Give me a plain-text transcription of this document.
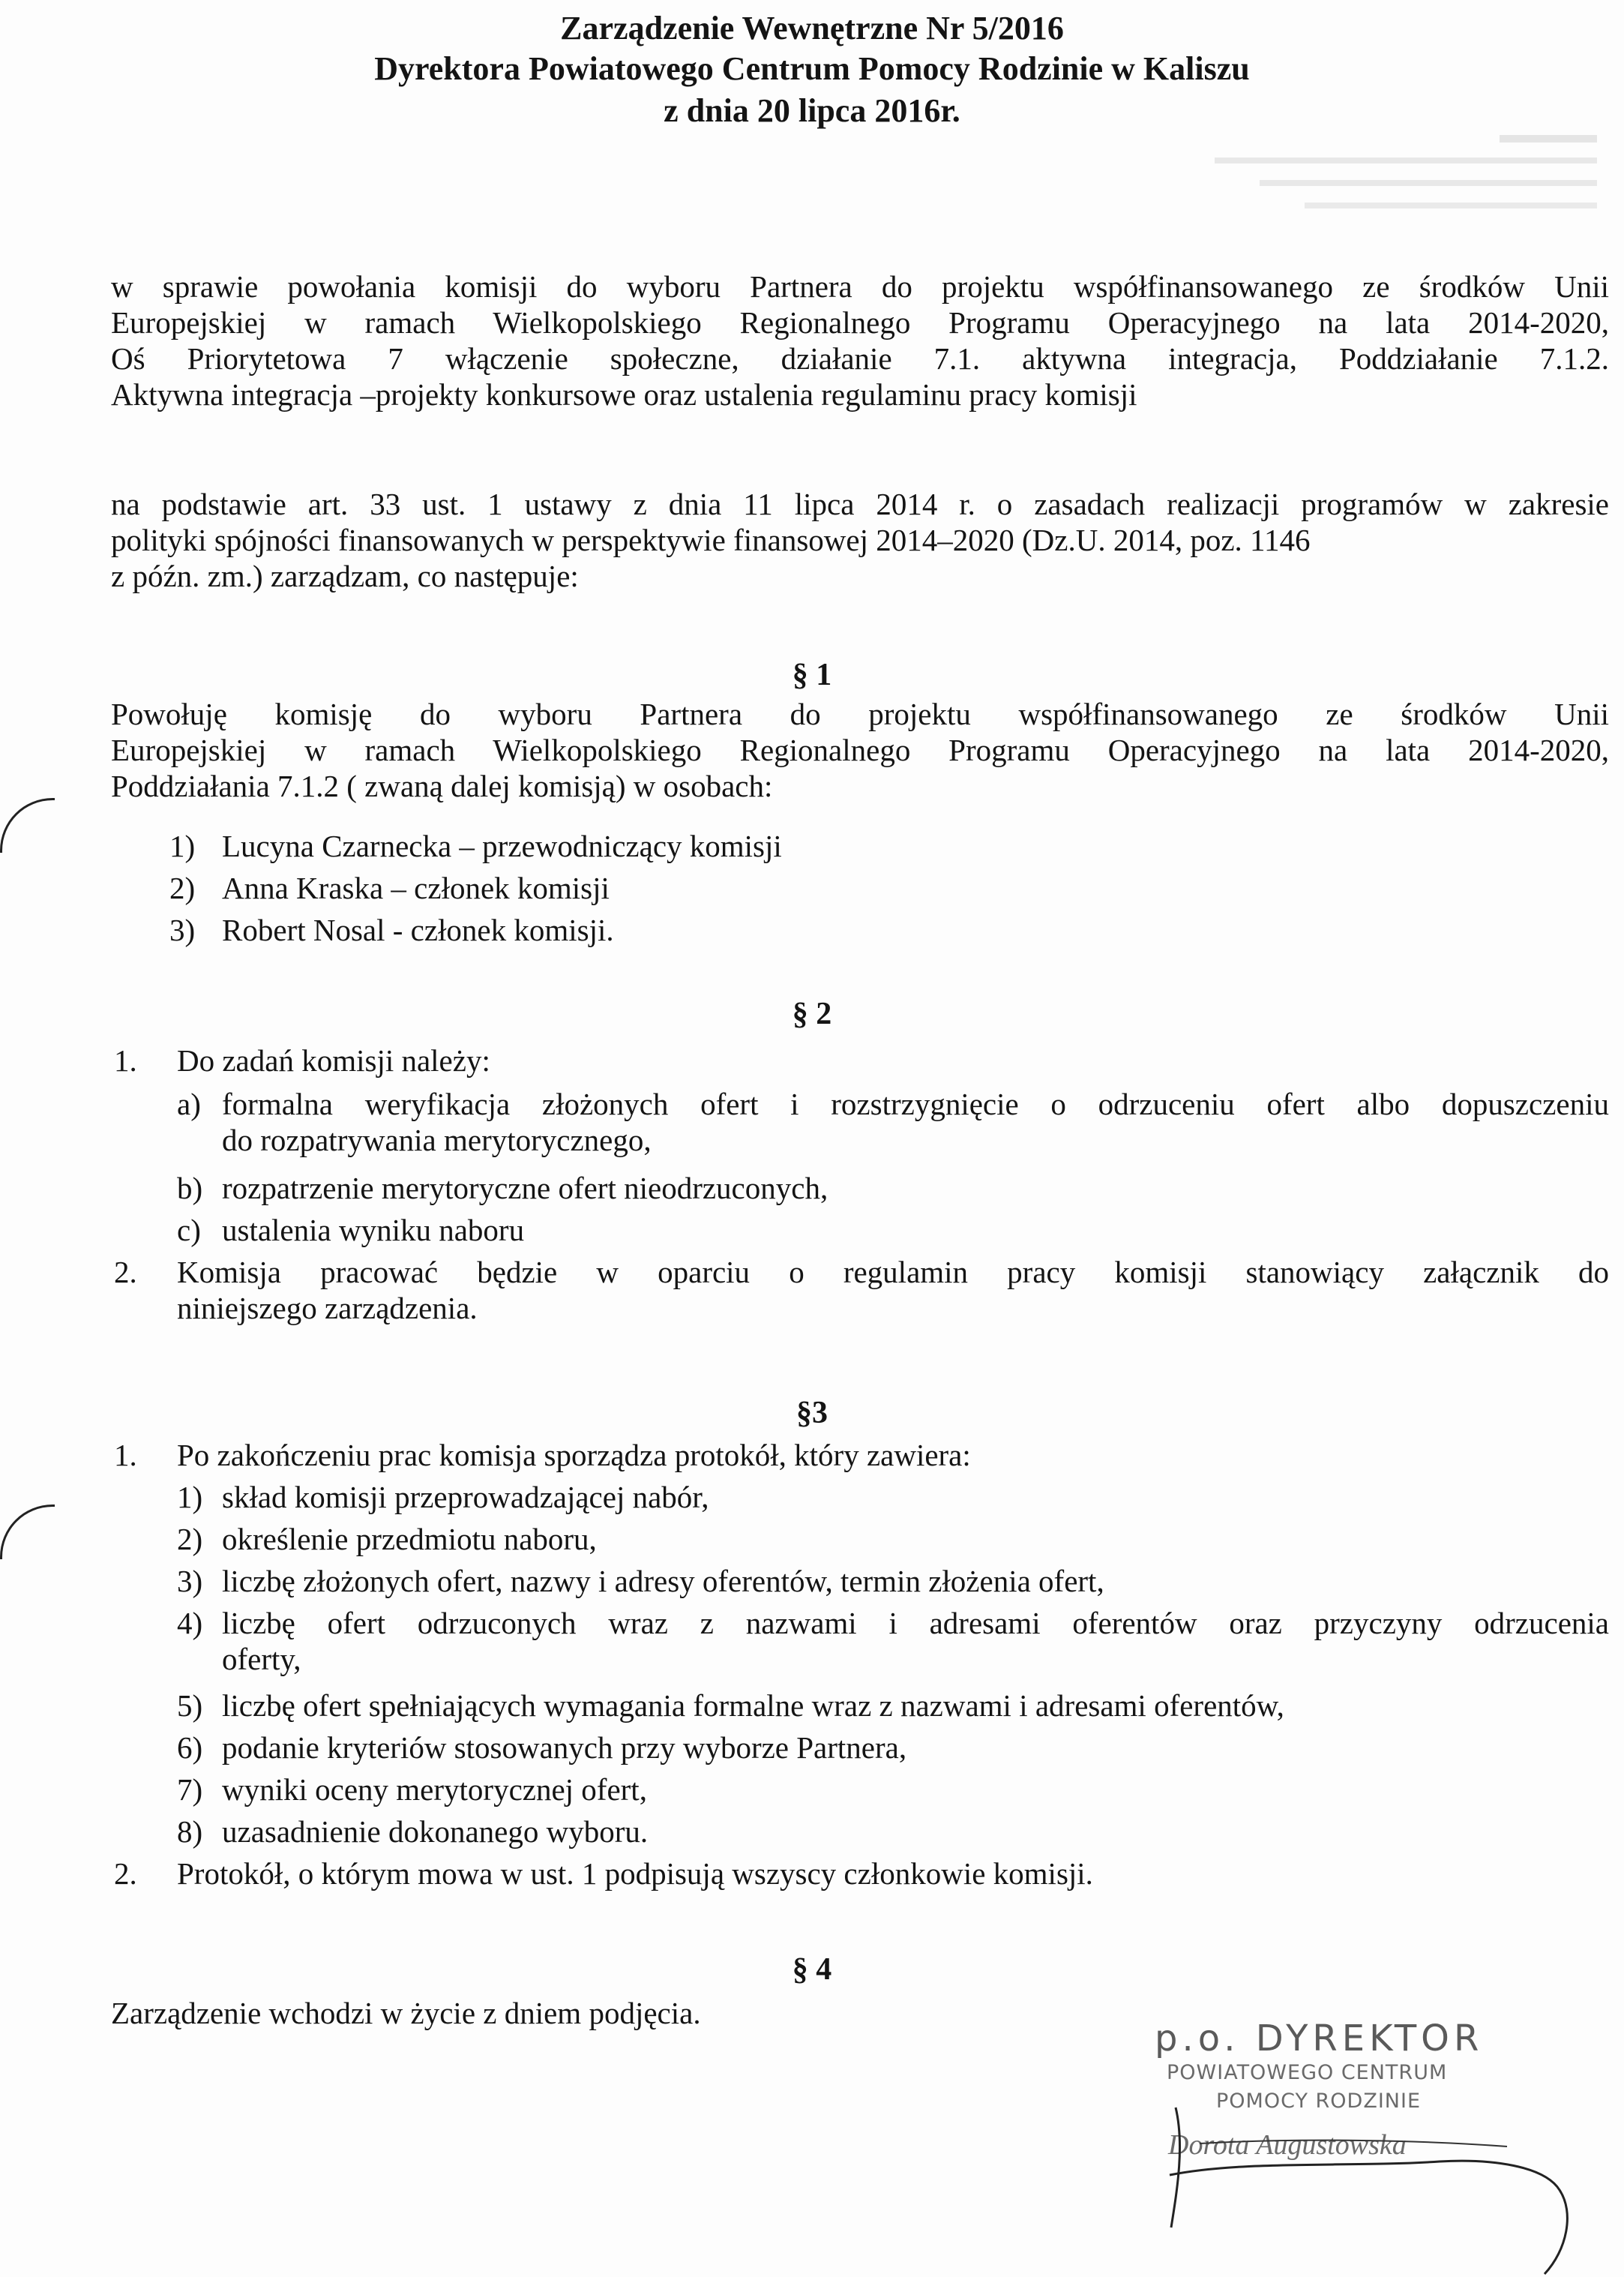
Zarządzenie Wewnętrzne Nr 5/2016
Dyrektora Powiatowego Centrum Pomocy Rodzinie w Kaliszu
z dnia 20 lipca 2016r.
w sprawie powołania komisji do wyboru Partnera do projektu współfinansowanego ze środków Unii
Europejskiej w ramach Wielkopolskiego Regionalnego Programu Operacyjnego na lata 2014-2020,
Oś Priorytetowa 7 włączenie społeczne, działanie 7.1. aktywna integracja, Poddziałanie 7.1.2.
Aktywna integracja –projekty konkursowe oraz ustalenia regulaminu pracy komisji
na podstawie art. 33 ust. 1 ustawy z dnia 11 lipca 2014 r. o zasadach realizacji programów w zakresie
polityki spójności finansowanych w perspektywie finansowej 2014–2020 (Dz.U. 2014, poz. 1146
z późn. zm.) zarządzam, co następuje:
§ 1
Powołuję komisję do wyboru Partnera do projektu współfinansowanego ze środków Unii
Europejskiej w ramach Wielkopolskiego Regionalnego Programu Operacyjnego na lata 2014-2020,
Poddziałania 7.1.2 ( zwaną dalej komisją) w osobach:
1) Lucyna Czarnecka – przewodniczący komisji
2) Anna Kraska – członek komisji
3) Robert Nosal - członek komisji.
§ 2
1. Do zadań komisji należy:
a) formalna weryfikacja złożonych ofert i rozstrzygnięcie o odrzuceniu ofert albo dopuszczeniu
do rozpatrywania merytorycznego,
b) rozpatrzenie merytoryczne ofert nieodrzuconych,
c) ustalenia wyniku naboru
2. Komisja pracować będzie w oparciu o regulamin pracy komisji stanowiący załącznik do
niniejszego zarządzenia.
§3
1. Po zakończeniu prac komisja sporządza protokół, który zawiera:
1) skład komisji przeprowadzającej nabór,
2) określenie przedmiotu naboru,
3) liczbę złożonych ofert, nazwy i adresy oferentów, termin złożenia ofert,
4) liczbę ofert odrzuconych wraz z nazwami i adresami oferentów oraz przyczyny odrzucenia
oferty,
5) liczbę ofert spełniających wymagania formalne wraz z nazwami i adresami oferentów,
6) podanie kryteriów stosowanych przy wyborze Partnera,
7) wyniki oceny merytorycznej ofert,
8) uzasadnienie dokonanego wyboru.
2. Protokół, o którym mowa w ust. 1 podpisują wszyscy członkowie komisji.
§ 4
Zarządzenie wchodzi w życie z dniem podjęcia.
p.o. DYREKTOR
POWIATOWEGO CENTRUM
POMOCY RODZINIE
Dorota Augustowska
